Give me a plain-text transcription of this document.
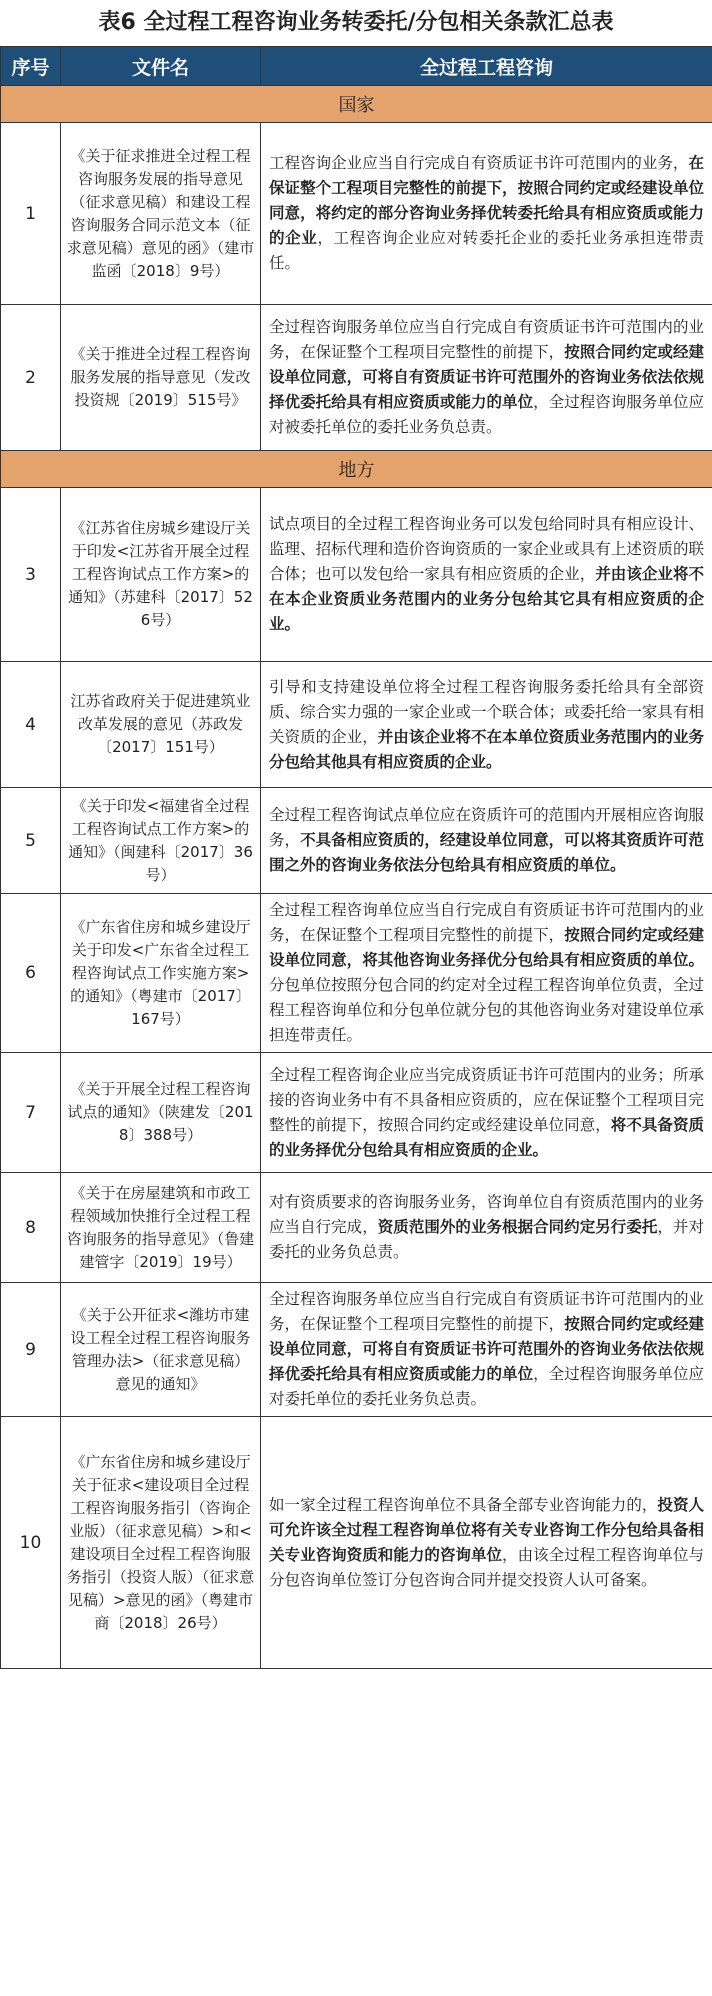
表6 全过程工程咨询业务转委托/分包相关条款汇总表
序号	文件名	全过程工程咨询
国家		
1	《关于征求推进全过程工程咨询服务发展的指导意见（征求意见稿）和建设工程咨询服务合同示范文本（征求意见稿）意见的函》（建市监函〔2018〕9号）	工程咨询企业应当自行完成自有资质证书许可范围内的业务，在保证整个工程项目完整性的前提下，按照合同约定或经建设单位同意，将约定的部分咨询业务择优转委托给具有相应资质或能力的企业，工程咨询企业应对转委托企业的委托业务承担连带责任。
2	《关于推进全过程工程咨询服务发展的指导意见（发改投资规〔2019〕515号》	全过程咨询服务单位应当自行完成自有资质证书许可范围内的业务，在保证整个工程项目完整性的前提下，按照合同约定或经建设单位同意，可将自有资质证书许可范围外的咨询业务依法依规择优委托给具有相应资质或能力的单位，全过程咨询服务单位应对被委托单位的委托业务负总责。
地方		
3	《江苏省住房城乡建设厅关于印发<江苏省开展全过程工程咨询试点工作方案>的通知》（苏建科〔2017〕526号）	试点项目的全过程工程咨询业务可以发包给同时具有相应设计、监理、招标代理和造价咨询资质的一家企业或具有上述资质的联合体；也可以发包给一家具有相应资质的企业，并由该企业将不在本企业资质业务范围内的业务分包给其它具有相应资质的企业。
4	江苏省政府关于促进建筑业改革发展的意见（苏政发〔2017〕151号）	引导和支持建设单位将全过程工程咨询服务委托给具有全部资质、综合实力强的一家企业或一个联合体；或委托给一家具有相关资质的企业，并由该企业将不在本单位资质业务范围内的业务分包给其他具有相应资质的企业。
5	《关于印发<福建省全过程工程咨询试点工作方案>的通知》（闽建科〔2017〕36号）	全过程工程咨询试点单位应在资质许可的范围内开展相应咨询服务，不具备相应资质的，经建设单位同意，可以将其资质许可范围之外的咨询业务依法分包给具有相应资质的单位。
6	《广东省住房和城乡建设厅关于印发<广东省全过程工程咨询试点工作实施方案>的通知》（粤建市〔2017〕167号）	全过程工程咨询单位应当自行完成自有资质证书许可范围内的业务，在保证整个工程项目完整性的前提下，按照合同约定或经建设单位同意，将其他咨询业务择优分包给具有相应资质的单位。分包单位按照分包合同的约定对全过程工程咨询单位负责，全过程工程咨询单位和分包单位就分包的其他咨询业务对建设单位承担连带责任。
7	《关于开展全过程工程咨询试点的通知》（陕建发〔2018〕388号）	全过程工程咨询企业应当完成资质证书许可范围内的业务；所承接的咨询业务中有不具备相应资质的，应在保证整个工程项目完整性的前提下，按照合同约定或经建设单位同意，将不具备资质的业务择优分包给具有相应资质的企业。
8	《关于在房屋建筑和市政工程领域加快推行全过程工程咨询服务的指导意见》（鲁建建管字〔2019〕19号）	对有资质要求的咨询服务业务，咨询单位自有资质范围内的业务应当自行完成，资质范围外的业务根据合同约定另行委托，并对委托的业务负总责。
9	《关于公开征求<潍坊市建设工程全过程工程咨询服务管理办法>（征求意见稿）意见的通知》	全过程咨询服务单位应当自行完成自有资质证书许可范围内的业务，在保证整个工程项目完整性的前提下，按照合同约定或经建设单位同意，可将自有资质证书许可范围外的咨询业务依法依规择优委托给具有相应资质或能力的单位，全过程咨询服务单位应对委托单位的委托业务负总责。
10	《广东省住房和城乡建设厅关于征求<建设项目全过程工程咨询服务指引（咨询企业版）（征求意见稿）>和<建设项目全过程工程咨询服务指引（投资人版）（征求意见稿）>意见的函》（粤建市商〔2018〕26号）	如一家全过程工程咨询单位不具备全部专业咨询能力的，投资人可允许该全过程工程咨询单位将有关专业咨询工作分包给具备相关专业咨询资质和能力的咨询单位，由该全过程工程咨询单位与分包咨询单位签订分包咨询合同并提交投资人认可备案。
